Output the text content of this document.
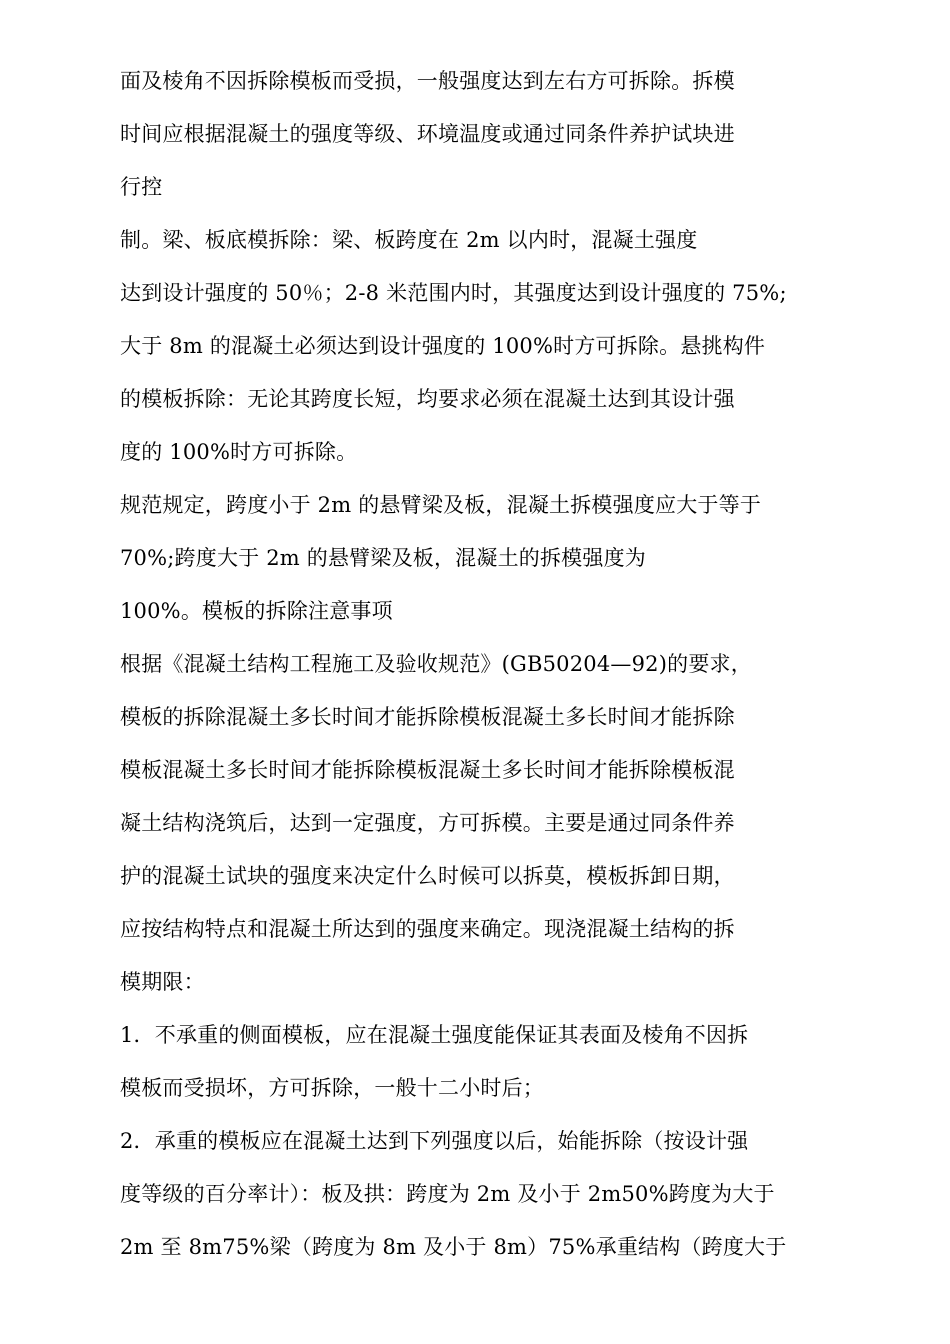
面及棱角不因拆除模板而受损，一般强度达到左右方可拆除。拆模
时间应根据混凝土的强度等级、环境温度或通过同条件养护试块进
行控
制。梁、板底模拆除：梁、板跨度在 2m 以内时，混凝土强度
达到设计强度的 50％；2-8 米范围内时，其强度达到设计强度的 75%;
大于 8m 的混凝土必须达到设计强度的 100%时方可拆除。悬挑构件
的模板拆除：无论其跨度长短，均要求必须在混凝土达到其设计强
度的 100%时方可拆除。
规范规定，跨度小于 2m 的悬臂梁及板，混凝土拆模强度应大于等于
70%;跨度大于 2m 的悬臂梁及板，混凝土的拆模强度为
100%。模板的拆除注意事项
根据《混凝土结构工程施工及验收规范》(GB50204—92)的要求，
模板的拆除混凝土多长时间才能拆除模板混凝土多长时间才能拆除
模板混凝土多长时间才能拆除模板混凝土多长时间才能拆除模板混
凝土结构浇筑后，达到一定强度，方可拆模。主要是通过同条件养
护的混凝土试块的强度来决定什么时候可以拆莫，模板拆卸日期，
应按结构特点和混凝土所达到的强度来确定。现浇混凝土结构的拆
模期限：
1．不承重的侧面模板，应在混凝土强度能保证其表面及棱角不因拆
模板而受损坏，方可拆除，一般十二小时后；
2．承重的模板应在混凝土达到下列强度以后，始能拆除（按设计强
度等级的百分率计）：板及拱：跨度为 2m 及小于 2m50%跨度为大于
2m 至 8m75%梁（跨度为 8m 及小于 8m）75%承重结构（跨度大于
